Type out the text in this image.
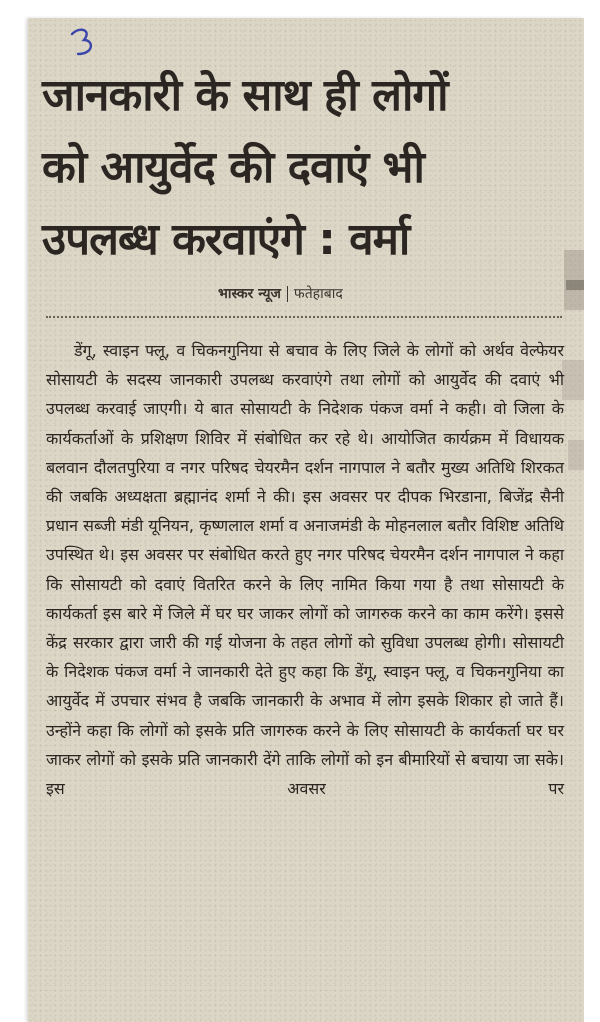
जानकारी के साथ ही लोगों
को आयुर्वेद की दवाएं भी
उपलब्ध करवाएंगे : वर्मा
भास्कर न्यूज फतेहाबाद

डेंगू, स्वाइन फ्लू, व चिकनगुनिया से बचाव के लिए जिले के लोगों को अर्थव वेल्फेयर सोसायटी के सदस्य जानकारी उपलब्ध करवाएंगे तथा लोगों को आयुर्वेद की दवाएं भी उपलब्ध करवाई जाएगी। ये बात सोसायटी के निदेशक पंकज वर्मा ने कही। वो जिला के कार्यकर्ताओं के प्रशिक्षण शिविर में संबोधित कर रहे थे। आयोजित कार्यक्रम में विधायक बलवान दौलतपुरिया व नगर परिषद चेयरमैन दर्शन नागपाल ने बतौर मुख्य अतिथि शिरकत की जबकि अध्यक्षता ब्रह्मानंद शर्मा ने की। इस अवसर पर दीपक भिरडाना, बिजेंद्र सैनी प्रधान सब्जी मंडी यूनियन, कृष्णलाल शर्मा व अनाजमंडी के मोहनलाल बतौर विशिष्ट अतिथि उपस्थित थे। इस अवसर पर संबोधित करते हुए नगर परिषद चेयरमैन दर्शन नागपाल ने कहा कि सोसायटी को दवाएं वितरित करने के लिए नामित किया गया है तथा सोसायटी के कार्यकर्ता इस बारे में जिले में घर घर जाकर लोगों को जागरुक करने का काम करेंगे। इससे केंद्र सरकार द्वारा जारी की गई योजना के तहत लोगों को सुविधा उपलब्ध होगी। सोसायटी के निदेशक पंकज वर्मा ने जानकारी देते हुए कहा कि डेंगू, स्वाइन फ्लू, व चिकनगुनिया का आयुर्वेद में उपचार संभव है जबकि जानकारी के अभाव में लोग इसके शिकार हो जाते हैं। उन्होंने कहा कि लोगों को इसके प्रति जागरुक करने के लिए सोसायटी के कार्यकर्ता घर घर जाकर लोगों को इसके प्रति जानकारी देंगे ताकि लोगों को इन बीमारियों से बचाया जा सके। इस अवसर पर
